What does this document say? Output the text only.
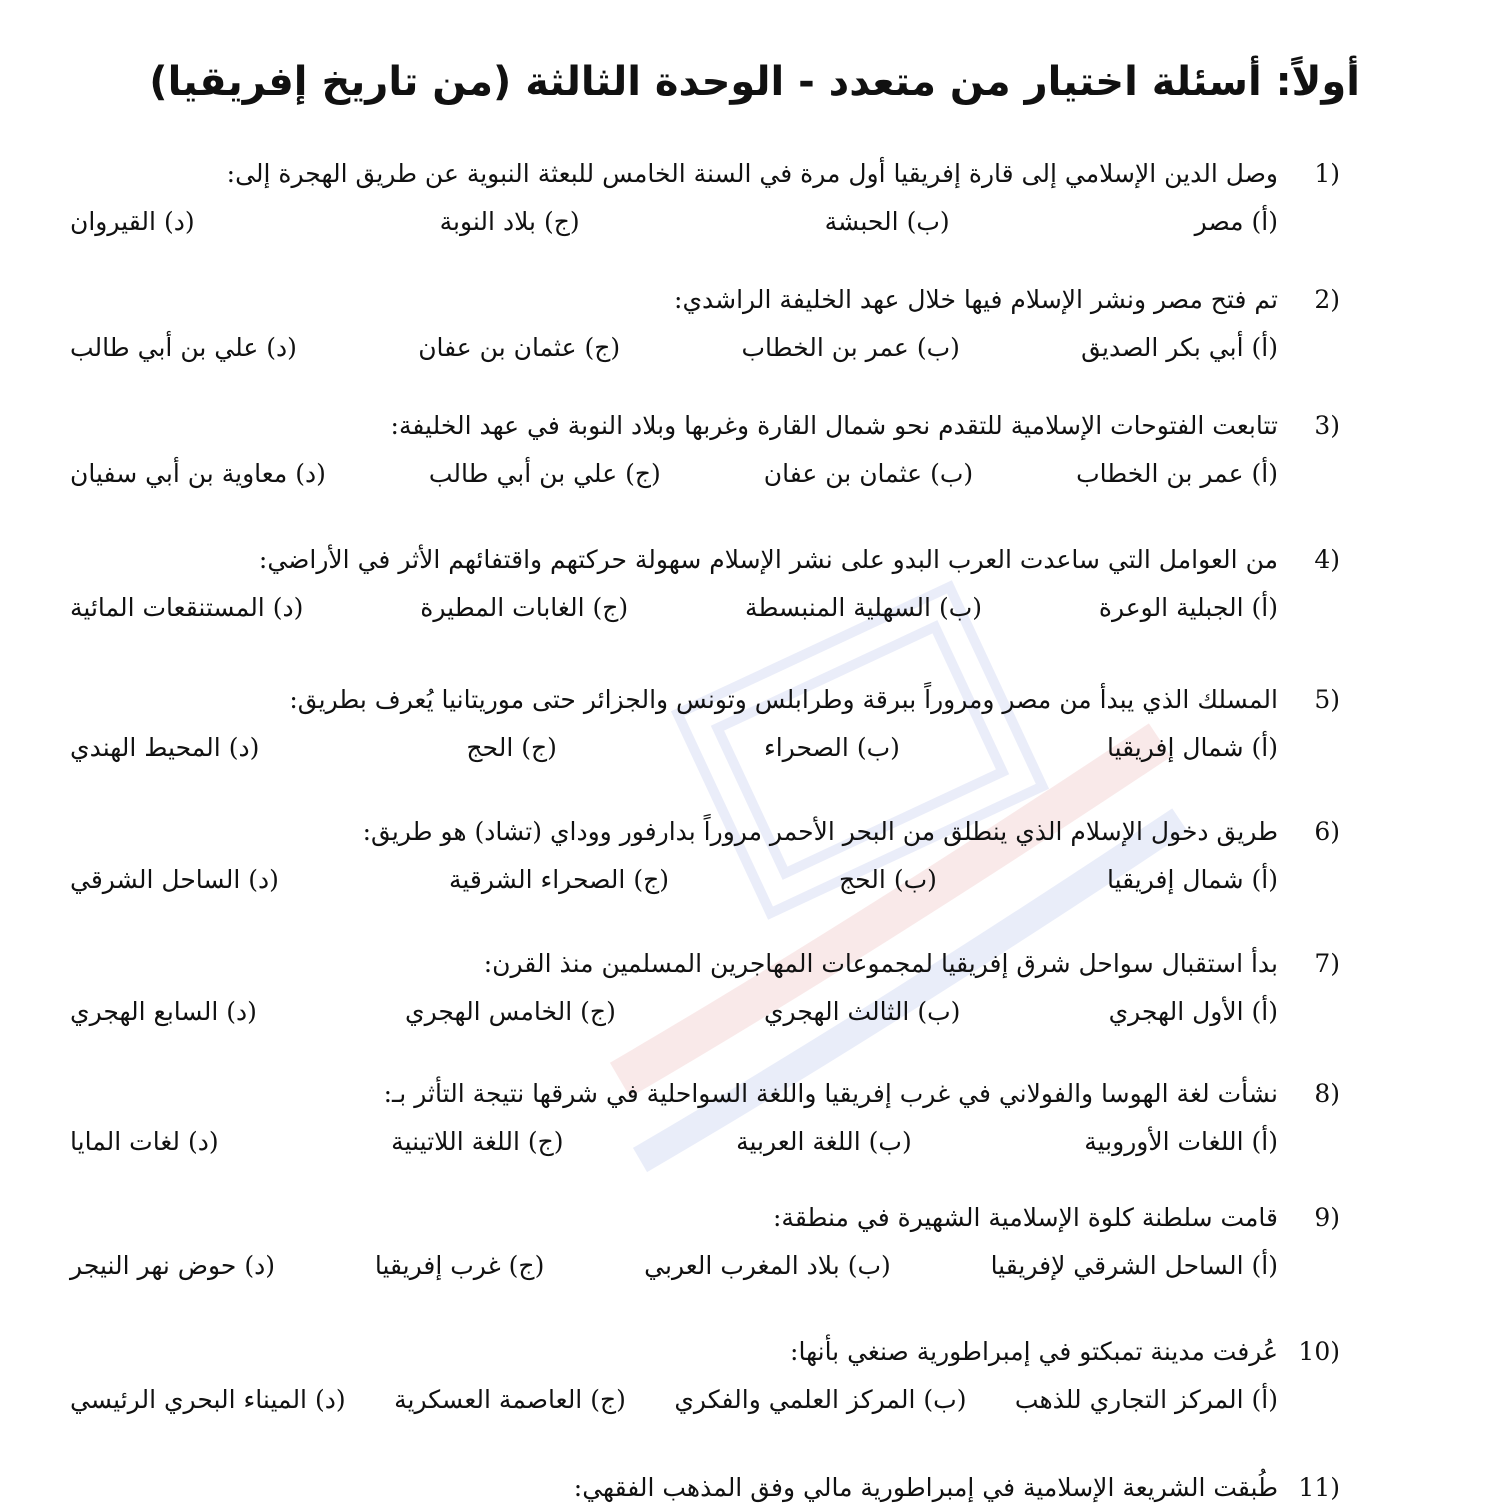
أولاً: أسئلة اختيار من متعدد - الوحدة الثالثة (من تاريخ إفريقيا)
1)
وصل الدين الإسلامي إلى قارة إفريقيا أول مرة في السنة الخامس للبعثة النبوية عن طريق الهجرة إلى:
(أ)مصر
(ب)الحبشة
(ج)بلاد النوبة
(د)القيروان
2)
تم فتح مصر ونشر الإسلام فيها خلال عهد الخليفة الراشدي:
(أ)أبي بكر الصديق
(ب)عمر بن الخطاب
(ج)عثمان بن عفان
(د)علي بن أبي طالب
3)
تتابعت الفتوحات الإسلامية للتقدم نحو شمال القارة وغربها وبلاد النوبة في عهد الخليفة:
(أ)عمر بن الخطاب
(ب)عثمان بن عفان
(ج)علي بن أبي طالب
(د)معاوية بن أبي سفيان
4)
من العوامل التي ساعدت العرب البدو على نشر الإسلام سهولة حركتهم واقتفائهم الأثر في الأراضي:
(أ)الجبلية الوعرة
(ب)السهلية المنبسطة
(ج)الغابات المطيرة
(د)المستنقعات المائية
5)
المسلك الذي يبدأ من مصر ومروراً ببرقة وطرابلس وتونس والجزائر حتى موريتانيا يُعرف بطريق:
(أ)شمال إفريقيا
(ب)الصحراء
(ج)الحج
(د)المحيط الهندي
6)
طريق دخول الإسلام الذي ينطلق من البحر الأحمر مروراً بدارفور ووداي (تشاد) هو طريق:
(أ)شمال إفريقيا
(ب)الحج
(ج)الصحراء الشرقية
(د)الساحل الشرقي
7)
بدأ استقبال سواحل شرق إفريقيا لمجموعات المهاجرين المسلمين منذ القرن:
(أ)الأول الهجري
(ب)الثالث الهجري
(ج)الخامس الهجري
(د)السابع الهجري
8)
نشأت لغة الهوسا والفولاني في غرب إفريقيا واللغة السواحلية في شرقها نتيجة التأثر بـ:
(أ)اللغات الأوروبية
(ب)اللغة العربية
(ج)اللغة اللاتينية
(د)لغات المايا
9)
قامت سلطنة كلوة الإسلامية الشهيرة في منطقة:
(أ)الساحل الشرقي لإفريقيا
(ب)بلاد المغرب العربي
(ج)غرب إفريقيا
(د)حوض نهر النيجر
10)
عُرفت مدينة تمبكتو في إمبراطورية صنغي بأنها:
(أ)المركز التجاري للذهب
(ب)المركز العلمي والفكري
(ج)العاصمة العسكرية
(د)الميناء البحري الرئيسي
11)
طُبقت الشريعة الإسلامية في إمبراطورية مالي وفق المذهب الفقهي:
